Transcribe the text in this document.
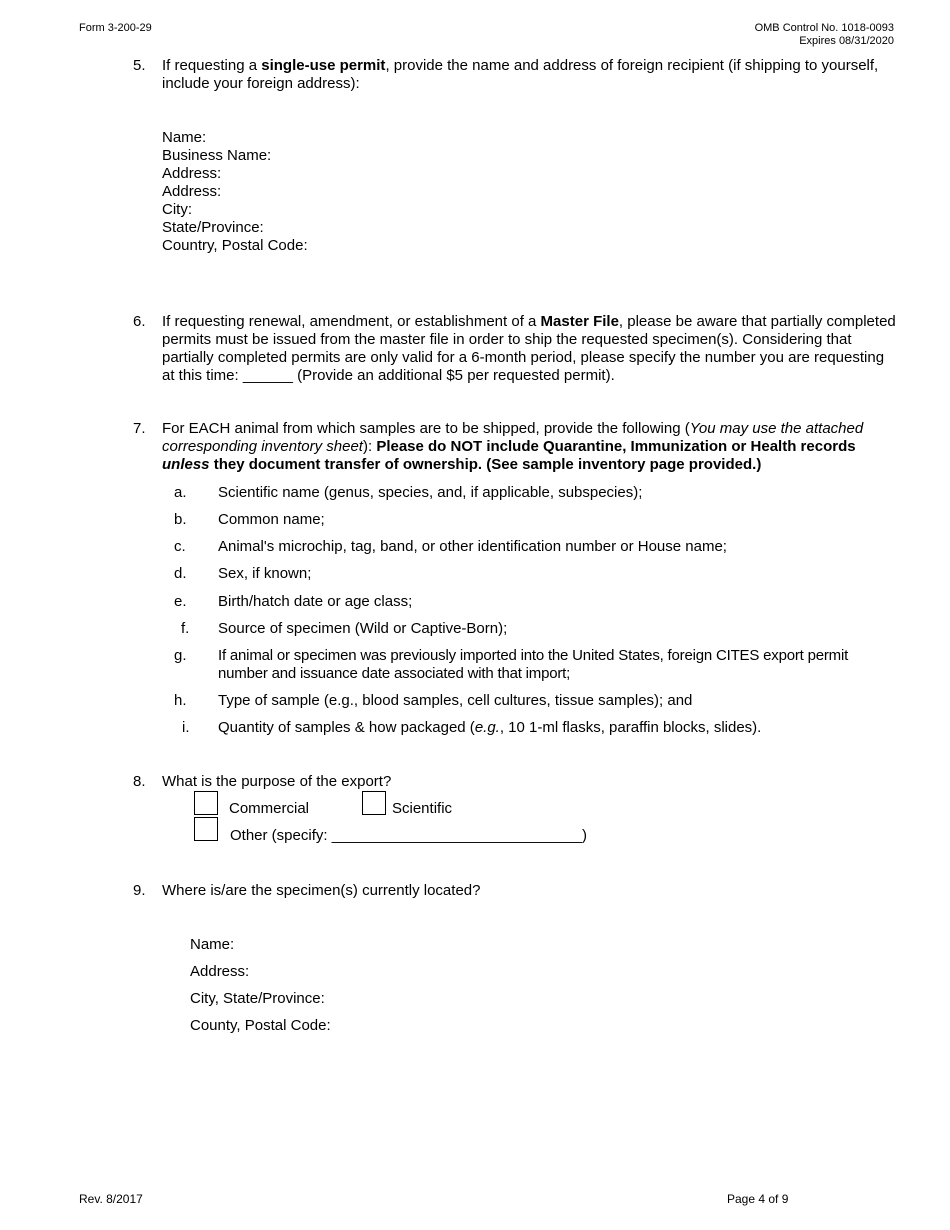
Form 3-200-29	OMB Control No. 1018-0093
Expires 08/31/2020
5. If requesting a single-use permit, provide the name and address of foreign recipient (if shipping to yourself, include your foreign address):
Name:
Business Name:
Address:
Address:
City:
State/Province:
Country, Postal Code:
6. If requesting renewal, amendment, or establishment of a Master File, please be aware that partially completed permits must be issued from the master file in order to ship the requested specimen(s). Considering that partially completed permits are only valid for a 6-month period, please specify the number you are requesting at this time: ______ (Provide an additional $5 per requested permit).
7. For EACH animal from which samples are to be shipped, provide the following (You may use the attached corresponding inventory sheet): Please do NOT include Quarantine, Immunization or Health records unless they document transfer of ownership. (See sample inventory page provided.)
a.	Scientific name (genus, species, and, if applicable, subspecies);
b.	Common name;
c.	Animal's microchip, tag, band, or other identification number or House name;
d.	Sex, if known;
e.	Birth/hatch date or age class;
f.	Source of specimen (Wild or Captive-Born);
g.	If animal or specimen was previously imported into the United States, foreign CITES export permit number and issuance date associated with that import;
h.	Type of sample (e.g., blood samples, cell cultures, tissue samples); and
i.	Quantity of samples & how packaged (e.g., 10 1-ml flasks, paraffin blocks, slides).
8. What is the purpose of the export?
Commercial	Scientific
Other (specify: ______________________________)
9. Where is/are the specimen(s) currently located?
Name:
Address:
City, State/Province:
County, Postal Code:
Rev. 8/2017	Page 4 of 9
